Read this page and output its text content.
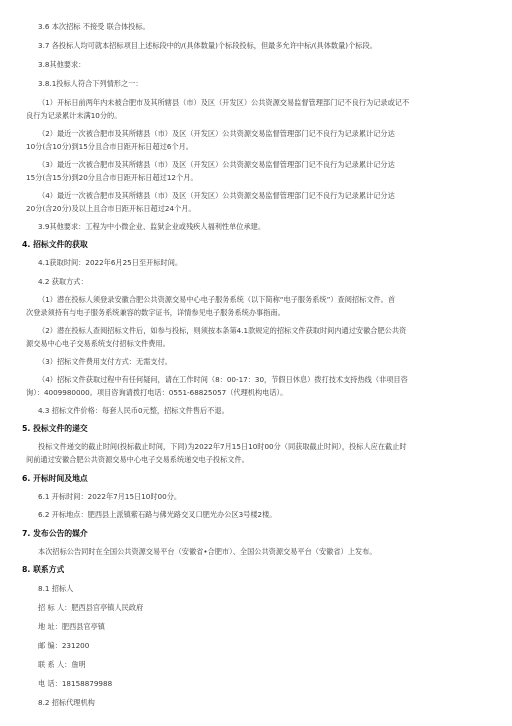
3.6 本次招标 不接受 联合体投标。
3.7 各投标人均可就本招标项目上述标段中的/(具体数量)个标段投标，但最多允许中标/(具体数量)个标段。
3.8其他要求：
3.8.1投标人符合下列情形之一：
（1）开标日前两年内未被合肥市及其所辖县（市）及区（开发区）公共资源交易监督管理部门记不良行为记录或记不
良行为记录累计未满10分的。
（2）最近一次被合肥市及其所辖县（市）及区（开发区）公共资源交易监督管理部门记不良行为记录累计记分达
10分(含10分)到15分且合市日距开标日超过6个月。
（3）最近一次被合肥市及其所辖县（市）及区（开发区）公共资源交易监督管理部门记不良行为记录累计记分达
15分(含15分)到20分且合市日距开标日超过12个月。
（4）最近一次被合肥市及其所辖县（市）及区（开发区）公共资源交易监督管理部门记不良行为记录累计记分达
20分(含20分)及以上且合市日距开标日超过24个月。
3.9其他要求：工程为中小微企业、监狱企业或残疾人福利性单位承建。
4. 招标文件的获取
4.1获取时间：2022年6月25日至开标时间。
4.2 获取方式：
（1）潜在投标人须登录安徽合肥公共资源交易中心电子服务系统（以下简称“电子服务系统”）查阅招标文件。首
次登录须持有与电子服务系统兼容的数字证书，详情参见电子服务系统办事指南。
（2）潜在投标人查阅招标文件后，如参与投标，则须按本条第4.1款规定的招标文件获取时间内通过安徽合肥公共资
源交易中心电子交易系统支付招标文件费用。
（3）招标文件费用支付方式：无需支付。
（4）招标文件获取过程中有任何疑问，请在工作时间（8：00-17：30，节假日休息）拨打技术支持热线（非项目咨
询）：4009980000。项目咨询请拨打电话：0551-68825057（代理机构电话）。
4.3 招标文件价格：每套人民币0元整，招标文件售后不退。
5. 投标文件的递交
投标文件递交的截止时间(投标截止时间，下同)为2022年7月15日10时00分（同获取截止时间），投标人应在截止时
间前通过安徽合肥公共资源交易中心电子交易系统递交电子投标文件。
6. 开标时间及地点
6.1 开标时间：2022年7月15日10时00分。
6.2 开标地点：肥西县上派镇紫石路与佛光路交叉口肥光办公区3号楼2楼。
7. 发布公告的媒介
本次招标公告同时在全国公共资源交易平台（安徽省•合肥市）、全国公共资源交易平台（安徽省）上发布。
8. 联系方式
8.1 招标人
招 标 人：肥西县官亭镇人民政府
地 址：肥西县官亭镇
邮 编：231200
联 系 人：詹明
电 话：18158879988
8.2 招标代理机构
